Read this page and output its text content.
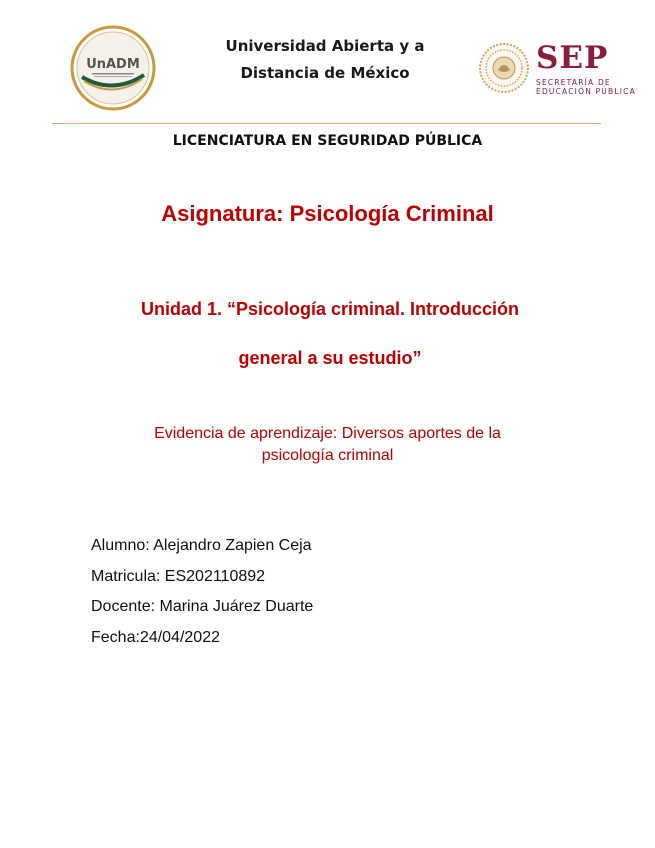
UnADM
Universidad Abierta y a
Distancia de México	SEP
SECRETARÍA DE
EDUCACIÓN PÚBLICA
LICENCIATURA EN SEGURIDAD PÚBLICA
Asignatura: Psicología Criminal
Unidad 1. “Psicología criminal. Introducción
general a su estudio”
Evidencia de aprendizaje: Diversos aportes de la
psicología criminal
Alumno: Alejandro Zapien Ceja
Matricula: ES202110892
Docente: Marina Juárez Duarte
Fecha:24/04/2022
